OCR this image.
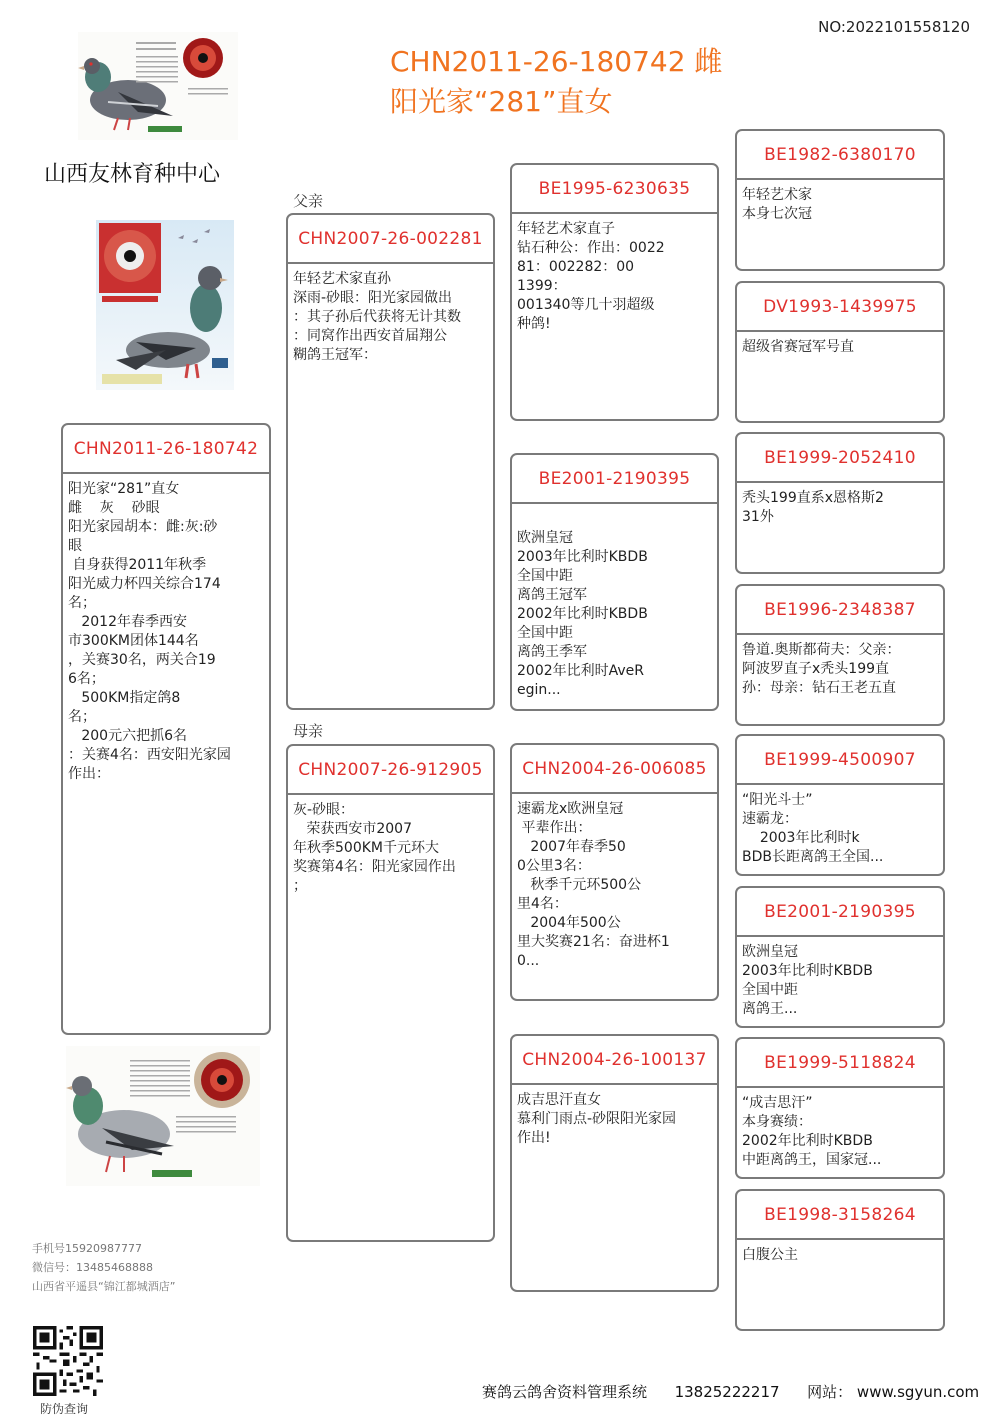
NO:2022101558120
CHN2011-26-180742 雌
阳光家“281”直女
山西友林育种中心
父亲
母亲
CHN2011-26-180742
阳光家“281”直女
雌    灰    砂眼
阳光家园胡本：雌:灰:砂
眼
自身获得2011年秋季
阳光威力杯四关综合174
名；
2012年春季西安
市300KM团体144名
，关赛30名，两关合19
6名；
500KM指定鸽8
名；
200元六把抓6名
：关赛4名：西安阳光家园
作出：
CHN2007-26-002281
年轻艺术家直孙
深雨-砂眼：阳光家园做出
：其子孙后代获将无计其数
：同窝作出西安首届翔公
糊鸽王冠军：
CHN2007-26-912905
灰-砂眼：
荣获西安市2007
年秋季500KM千元环大
奖赛第4名：阳光家园作出
；
BE1995-6230635
年轻艺术家直子
钻石种公：作出：0022
81：002282：00
1399：
001340等几十羽超级
种鸽!
BE2001-2190395

欧洲皇冠
2003年比利时KBDB
全国中距
离鸽王冠军
2002年比利时KBDB
全国中距
离鸽王季军
2002年比利时AveR
egin...
CHN2004-26-006085
速霸龙x欧洲皇冠
平辈作出：
2007年春季50
0公里3名：
秋季千元环500公
里4名：
2004年500公
里大奖赛21名：奋进杯1
0...
CHN2004-26-100137
成吉思汗直女
慕利门雨点-砂限阳光家园
作出!
BE1982-6380170
年轻艺术家
本身七次冠
DV1993-1439975
超级省赛冠军号直
BE1999-2052410
秃头199直系x恩格斯2
31外
BE1996-2348387
鲁道.奥斯都荷夫：父亲：
阿波罗直子x秃头199直
孙：母亲：钻石王老五直
BE1999-4500907
“阳光斗士”
速霸龙：
2003年比利时k
BDB长距离鸽王全国...
BE2001-2190395
欧洲皇冠
2003年比利时KBDB
全国中距
离鸽王...
BE1999-5118824
“成吉思汗”
本身赛绩：
2002年比利时KBDB
中距离鸽王，国家冠...
BE1998-3158264
白腹公主
手机号15920987777
微信号：13485468888
山西省平遥县“锦江都城酒店”
防伪查询
赛鸽云鸽舍资料管理系统 13825222217 网站： www.sgyun.com
